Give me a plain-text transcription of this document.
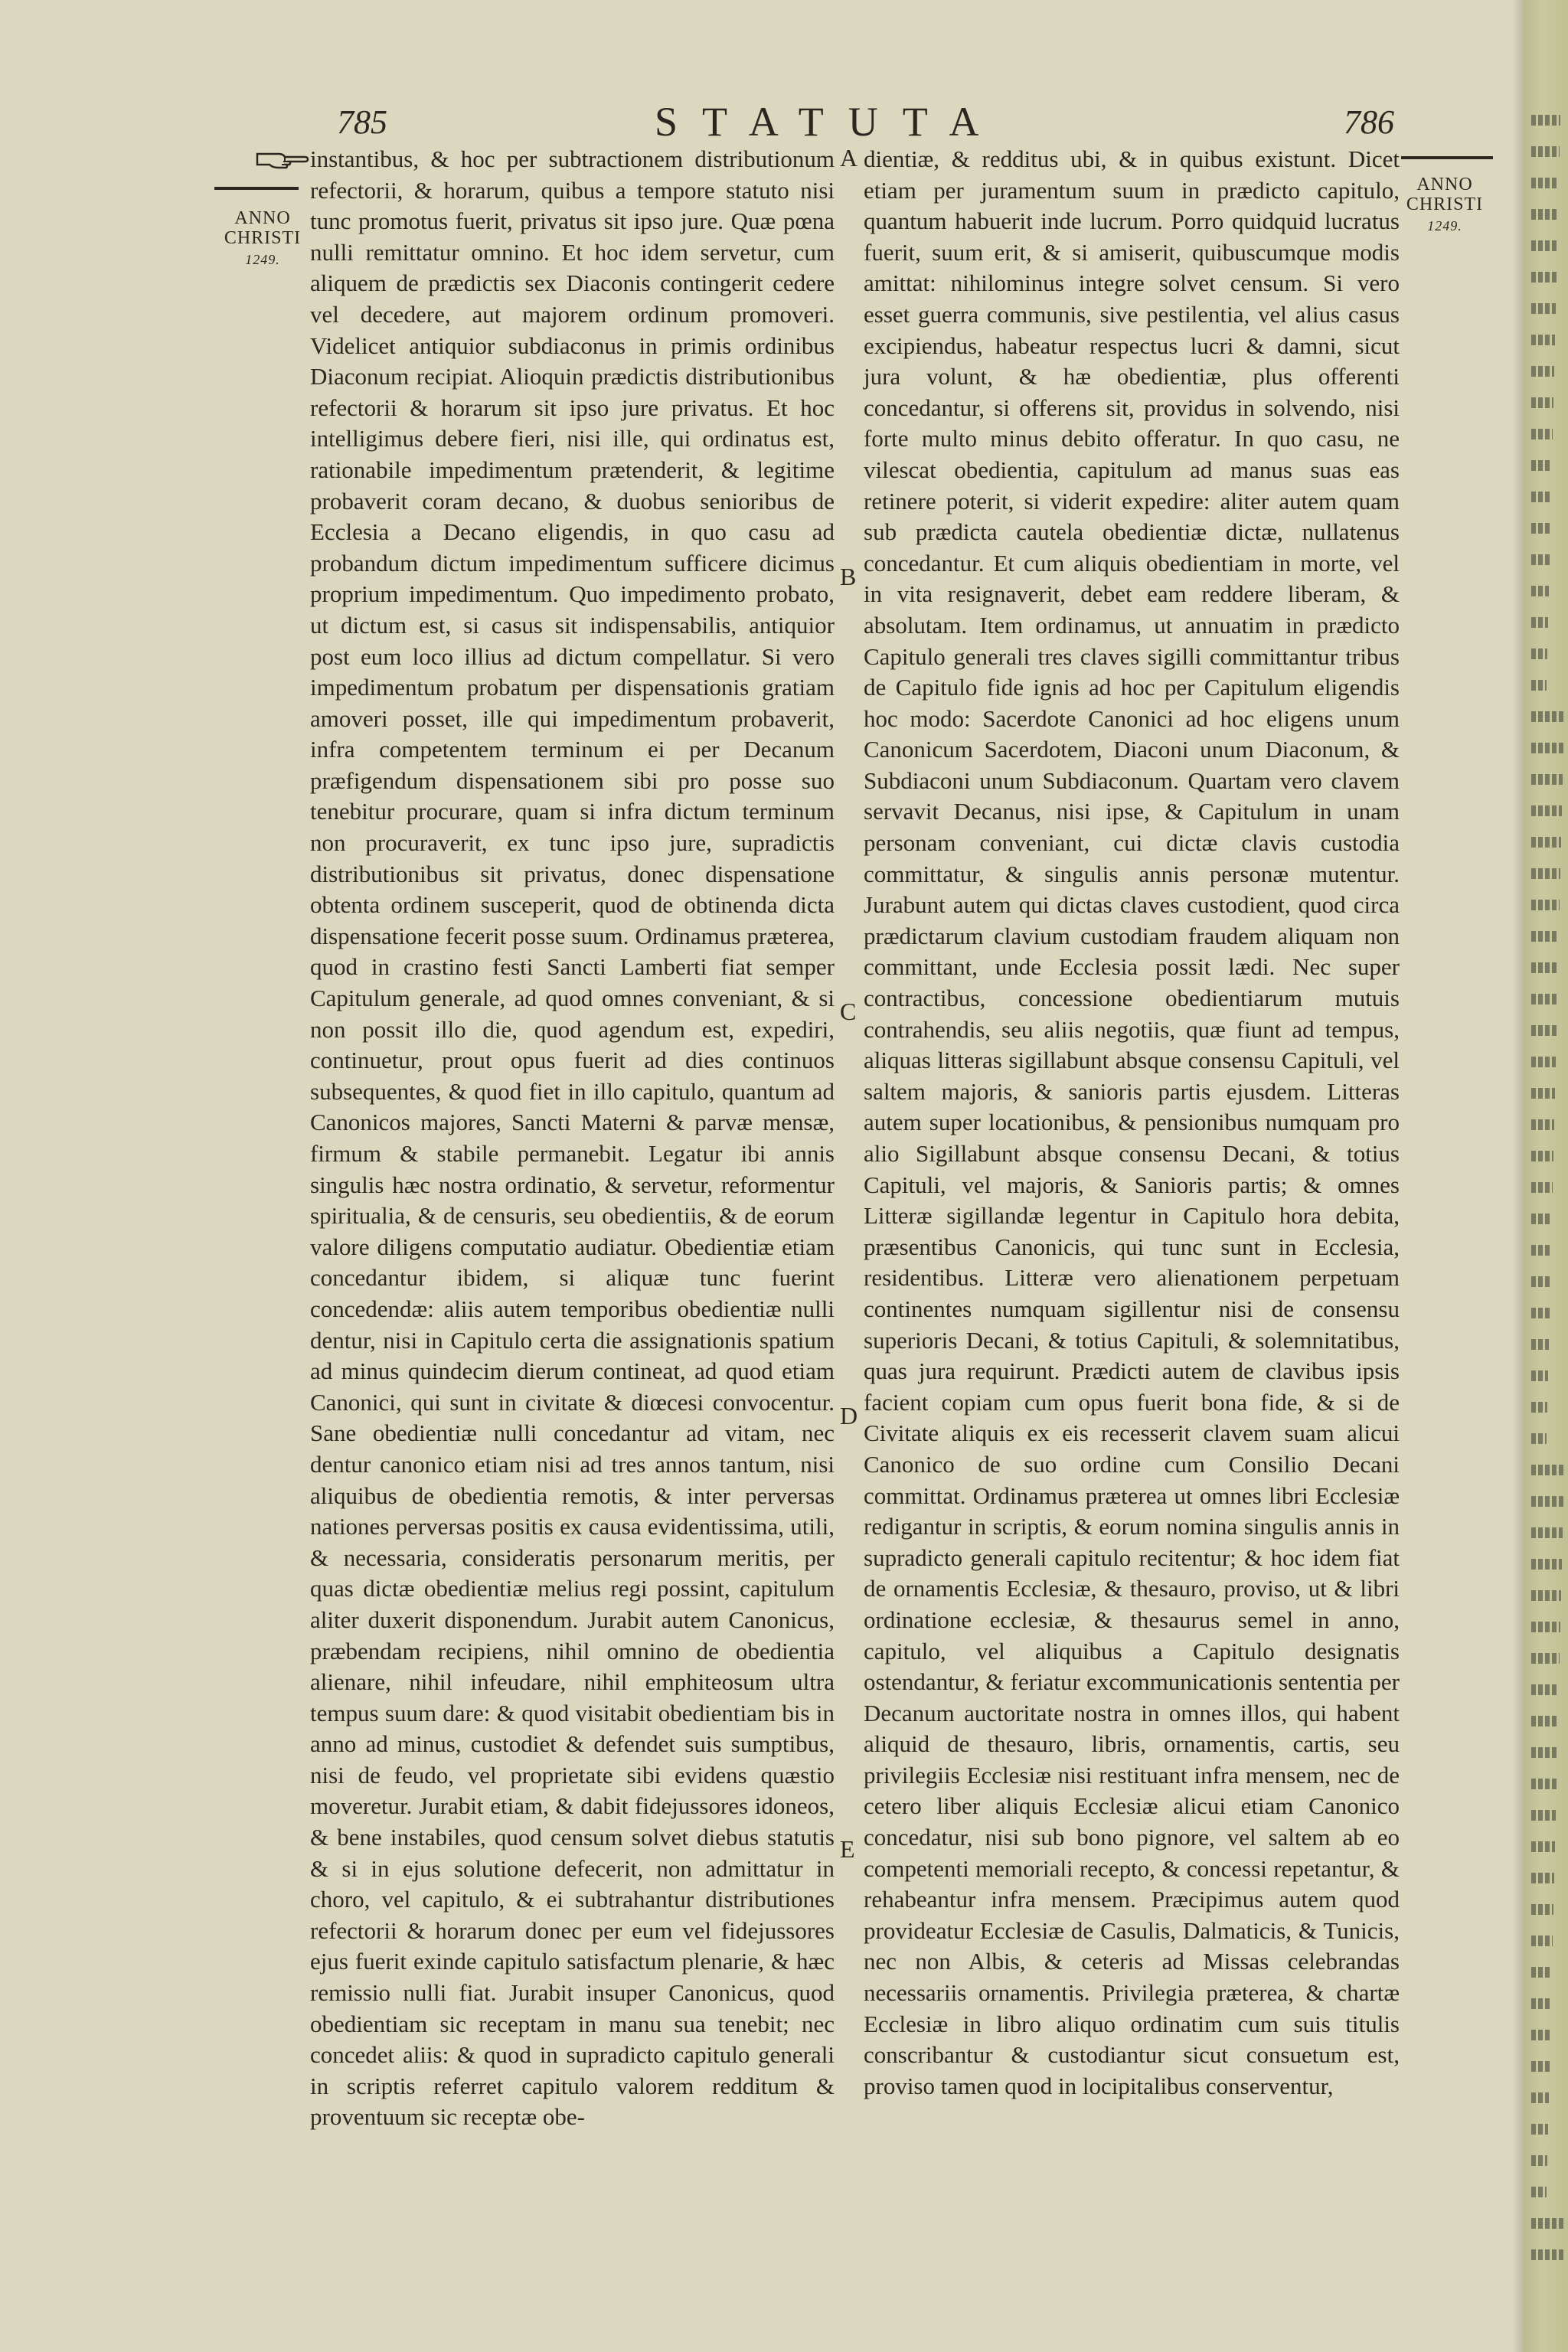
785	STATUTA	786
ANNO
CHRISTI

1249.
ANNO
CHRISTI

1249.
A
B
C
D
E

instantibus, & hoc per subtractionem distributionum refectorii, & horarum, quibus a tempore statuto nisi tunc promotus fuerit, privatus sit ipso jure. Quæ pœna nulli remittatur omnino. Et hoc idem servetur, cum aliquem de prædictis sex Diaconis contingerit cedere vel decedere, aut majorem ordinum promoveri. Videlicet antiquior subdiaconus in primis ordinibus Diaconum recipiat. Alioquin prædictis distributionibus refectorii & horarum sit ipso jure privatus. Et hoc intelligimus debere fieri, nisi ille, qui ordinatus est, rationabile impedimentum prætenderit, & legitime probaverit coram decano, & duobus senioribus de Ecclesia a Decano eligendis, in quo casu ad probandum dictum impedimentum sufficere dicimus proprium impedimentum. Quo impedimento probato, ut dictum est, si casus sit indispensabilis, antiquior post eum loco illius ad dictum compellatur. Si vero impedimentum probatum per dispensationis gratiam amoveri posset, ille qui impedimentum probaverit, infra competentem terminum ei per Decanum præfigendum dispensationem sibi pro posse suo tenebitur procurare, quam si infra dictum terminum non procuraverit, ex tunc ipso jure, supradictis distributionibus sit privatus, donec dispensatione obtenta ordinem susceperit, quod de obtinenda dicta dispensatione fecerit posse suum. Ordinamus præterea, quod in crastino festi Sancti Lamberti fiat semper Capitulum generale, ad quod omnes conveniant, & si non possit illo die, quod agendum est, expediri, continuetur, prout opus fuerit ad dies continuos subsequentes, & quod fiet in illo capitulo, quantum ad Canonicos majores, Sancti Materni & parvæ mensæ, firmum & stabile permanebit. Legatur ibi annis singulis hæc nostra ordinatio, & servetur, reformentur spiritualia, & de censuris, seu obedientiis, & de eorum valore diligens computatio audiatur. Obedientiæ etiam concedantur ibidem, si aliquæ tunc fuerint concedendæ: aliis autem temporibus obedientiæ nulli dentur, nisi in Capitulo certa die assignationis spatium ad minus quindecim dierum contineat, ad quod etiam Canonici, qui sunt in civitate & diœcesi convocentur. Sane obedientiæ nulli concedantur ad vitam, nec dentur canonico etiam nisi ad tres annos tantum, nisi aliquibus de obedientia remotis, & inter perversas nationes perversas positis ex causa evidentissima, utili, & necessaria, consideratis personarum meritis, per quas dictæ obedientiæ melius regi possint, capitulum aliter duxerit disponendum. Jurabit autem Canonicus, præbendam recipiens, nihil omnino de obedientia alienare, nihil infeudare, nihil emphiteosum ultra tempus suum dare: & quod visitabit obedientiam bis in anno ad minus, custodiet & defendet suis sumptibus, nisi de feudo, vel proprietate sibi evidens quæstio moveretur. Jurabit etiam, & dabit fidejussores idoneos, & bene instabiles, quod censum solvet diebus statutis & si in ejus solutione defecerit, non admittatur in choro, vel capitulo, & ei subtrahantur distributiones refectorii & horarum donec per eum vel fidejussores ejus fuerit exinde capitulo satisfactum plenarie, & hæc remissio nulli fiat. Jurabit insuper Canonicus, quod obedientiam sic receptam in manu sua tenebit; nec concedet aliis: & quod in supradicto capitulo generali in scriptis referret capitulo valorem redditum & proventuum sic receptæ obe-

dientiæ, & redditus ubi, & in quibus existunt. Dicet etiam per juramentum suum in prædicto capitulo, quantum habuerit inde lucrum. Porro quidquid lucratus fuerit, suum erit, & si amiserit, quibuscumque modis amittat: nihilominus integre solvet censum. Si vero esset guerra communis, sive pestilentia, vel alius casus excipiendus, habeatur respectus lucri & damni, sicut jura volunt, & hæ obedientiæ, plus offerenti concedantur, si offerens sit, providus in solvendo, nisi forte multo minus debito offeratur. In quo casu, ne vilescat obedientia, capitulum ad manus suas eas retinere poterit, si viderit expedire: aliter autem quam sub prædicta cautela obedientiæ dictæ, nullatenus concedantur. Et cum aliquis obedientiam in morte, vel in vita resignaverit, debet eam reddere liberam, & absolutam. Item ordinamus, ut annuatim in prædicto Capitulo generali tres claves sigilli committantur tribus de Capitulo fide ignis ad hoc per Capitulum eligendis hoc modo: Sacerdote Canonici ad hoc eligens unum Canonicum Sacerdotem, Diaconi unum Diaconum, & Subdiaconi unum Subdiaconum. Quartam vero clavem servavit Decanus, nisi ipse, & Capitulum in unam personam conveniant, cui dictæ clavis custodia committatur, & singulis annis personæ mutentur. Jurabunt autem qui dictas claves custodient, quod circa prædictarum clavium custodiam fraudem aliquam non committant, unde Ecclesia possit lædi. Nec super contractibus, concessione obedientiarum mutuis contrahendis, seu aliis negotiis, quæ fiunt ad tempus, aliquas litteras sigillabunt absque consensu Capituli, vel saltem majoris, & sanioris partis ejusdem. Litteras autem super locationibus, & pensionibus numquam pro alio Sigillabunt absque consensu Decani, & totius Capituli, vel majoris, & Sanioris partis; & omnes Litteræ sigillandæ legentur in Capitulo hora debita, præsentibus Canonicis, qui tunc sunt in Ecclesia, residentibus. Litteræ vero alienationem perpetuam continentes numquam sigillentur nisi de consensu superioris Decani, & totius Capituli, & solemnitatibus, quas jura requirunt. Prædicti autem de clavibus ipsis facient copiam cum opus fuerit bona fide, & si de Civitate aliquis ex eis recesserit clavem suam alicui Canonico de suo ordine cum Consilio Decani committat. Ordinamus præterea ut omnes libri Ecclesiæ redigantur in scriptis, & eorum nomina singulis annis in supradicto generali capitulo recitentur; & hoc idem fiat de ornamentis Ecclesiæ, & thesauro, proviso, ut & libri ordinatione ecclesiæ, & thesaurus semel in anno, capitulo, vel aliquibus a Capitulo designatis ostendantur, & feriatur excommunicationis sententia per Decanum auctoritate nostra in omnes illos, qui habent aliquid de thesauro, libris, ornamentis, cartis, seu privilegiis Ecclesiæ nisi restituant infra mensem, nec de cetero liber aliquis Ecclesiæ alicui etiam Canonico concedatur, nisi sub bono pignore, vel saltem ab eo competenti memoriali recepto, & concessi repetantur, & rehabeantur infra mensem. Præcipimus autem quod provideatur Ecclesiæ de Casulis, Dalmaticis, & Tunicis, nec non Albis, & ceteris ad Missas celebrandas necessariis ornamentis. Privilegia præterea, & chartæ Ecclesiæ in libro aliquo ordinatim cum suis titulis conscribantur & custodiantur sicut consuetum est, proviso tamen quod in locipitalibus conserventur,
